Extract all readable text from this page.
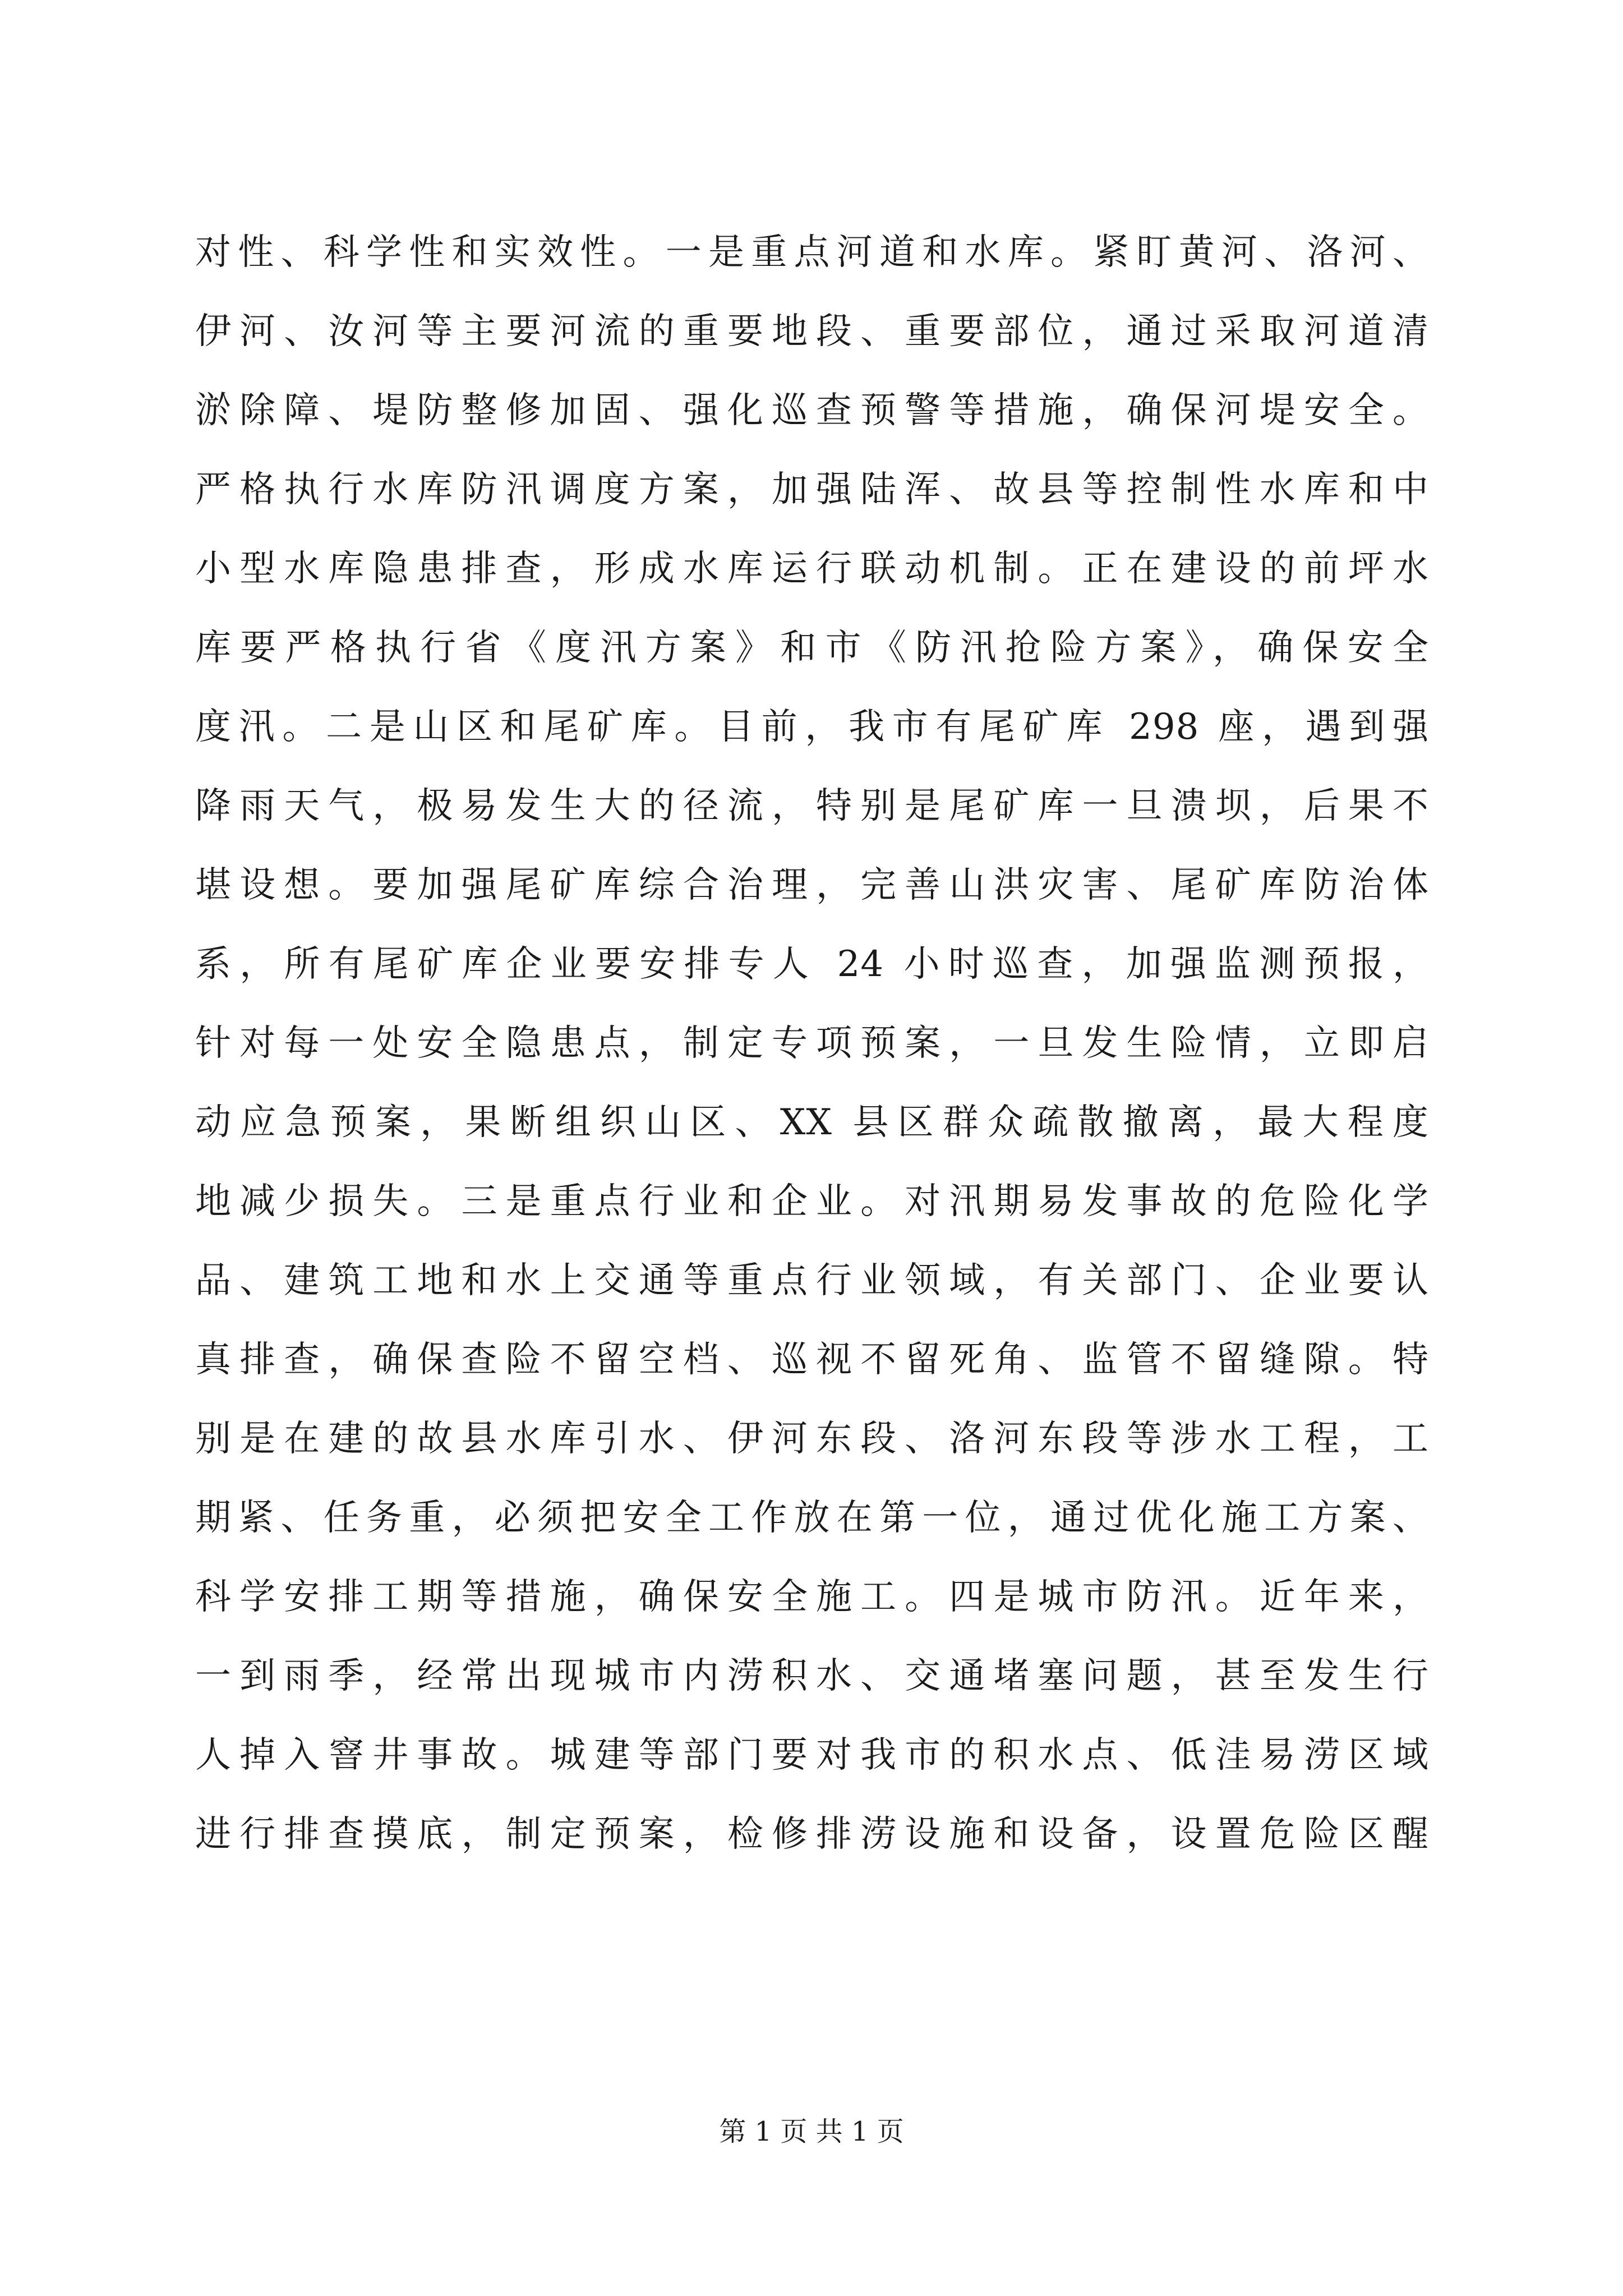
对性、科学性和实效性。一是重点河道和水库。紧盯黄河、洛河、
伊河、汝河等主要河流的重要地段、重要部位，通过采取河道清
淤除障、堤防整修加固、强化巡查预警等措施，确保河堤安全。
严格执行水库防汛调度方案，加强陆浑、故县等控制性水库和中
小型水库隐患排查，形成水库运行联动机制。正在建设的前坪水
库要严格执行省《度汛方案》和市《防汛抢险方案》，确保安全
度汛。二是山区和尾矿库。目前，我市有尾矿库 298 座，遇到强
降雨天气，极易发生大的径流，特别是尾矿库一旦溃坝，后果不
堪设想。要加强尾矿库综合治理，完善山洪灾害、尾矿库防治体
系，所有尾矿库企业要安排专人 24 小时巡查，加强监测预报，
针对每一处安全隐患点，制定专项预案，一旦发生险情，立即启
动应急预案，果断组织山区、XX 县区群众疏散撤离，最大程度
地减少损失。三是重点行业和企业。对汛期易发事故的危险化学
品、建筑工地和水上交通等重点行业领域，有关部门、企业要认
真排查，确保查险不留空档、巡视不留死角、监管不留缝隙。特
别是在建的故县水库引水、伊河东段、洛河东段等涉水工程，工
期紧、任务重，必须把安全工作放在第一位，通过优化施工方案、
科学安排工期等措施，确保安全施工。四是城市防汛。近年来，
一到雨季，经常出现城市内涝积水、交通堵塞问题，甚至发生行
人掉入窨井事故。城建等部门要对我市的积水点、低洼易涝区域
进行排查摸底，制定预案，检修排涝设施和设备，设置危险区醒
第 1 页 共 1 页
